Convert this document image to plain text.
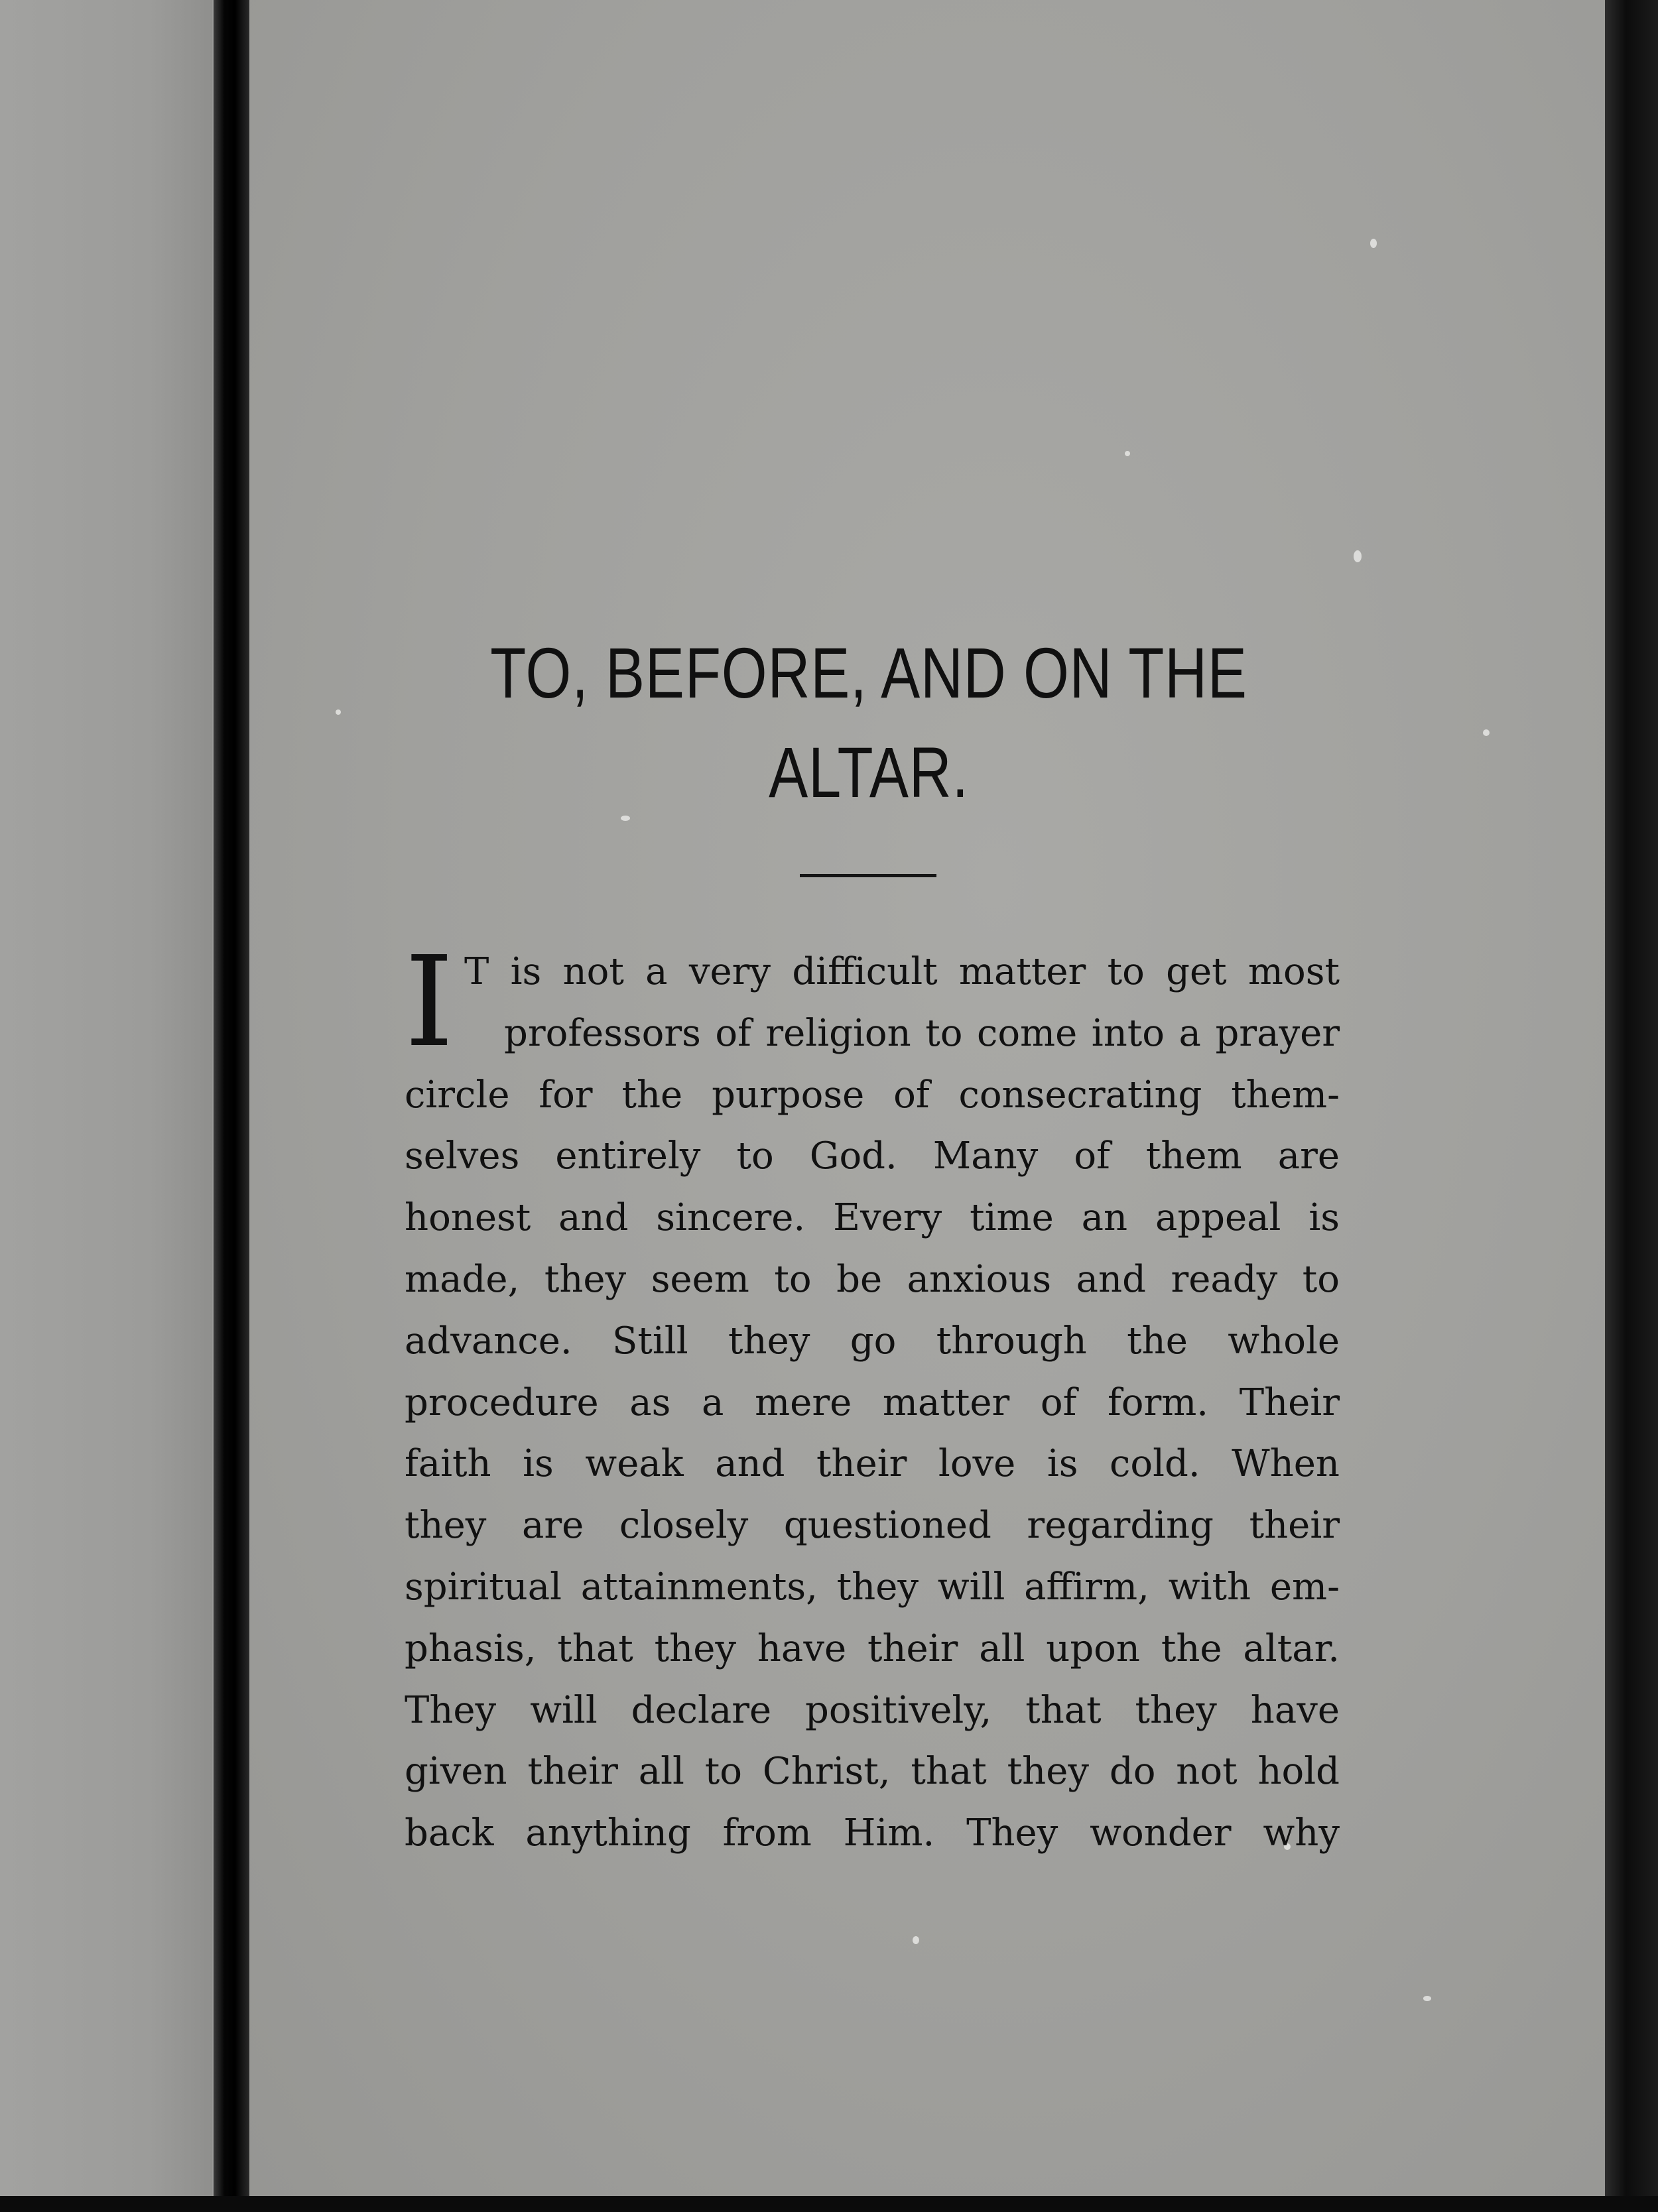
TO, BEFORE, AND ON THE
ALTAR.
I T is not a very difficult matter to get most
professors of religion to come into a prayer
circle for the purpose of consecrating them-
selves entirely to God. Many of them are
honest and sincere. Every time an appeal is
made, they seem to be anxious and ready to
advance. Still they go through the whole
procedure as a mere matter of form. Their
faith is weak and their love is cold. When
they are closely questioned regarding their
spiritual attainments, they will affirm, with em-
phasis, that they have their all upon the altar.
They will declare positively, that they have
given their all to Christ, that they do not hold
back anything from Him. They wonder why
